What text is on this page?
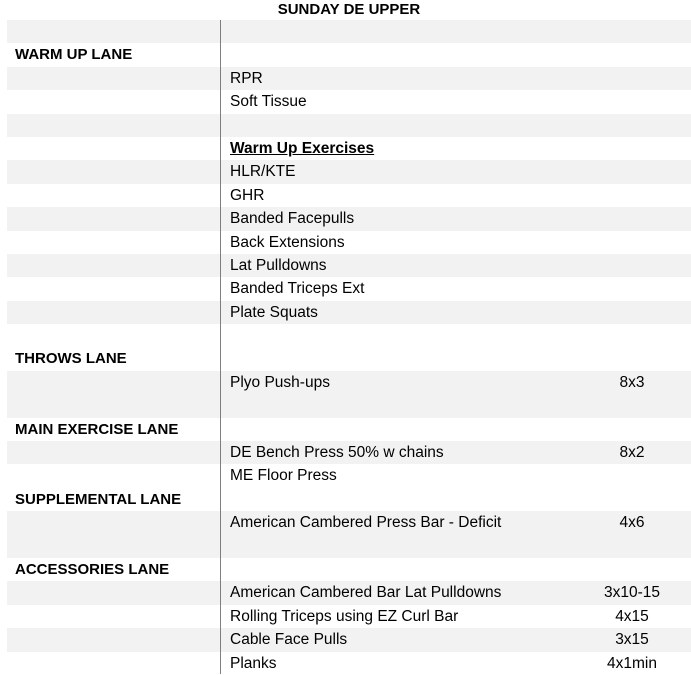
SUNDAY DE UPPER
WARM UP LANE
RPR
Soft Tissue
Warm Up Exercises
HLR/KTE
GHR
Banded Facepulls
Back Extensions
Lat Pulldowns
Banded Triceps Ext
Plate Squats
THROWS LANE
Plyo Push-ups	8x3
MAIN EXERCISE LANE
DE Bench Press 50% w chains	8x2
ME Floor Press
SUPPLEMENTAL LANE
American Cambered Press Bar - Deficit	4x6
ACCESSORIES LANE
American Cambered Bar Lat Pulldowns	3x10-15
Rolling Triceps using EZ Curl Bar	4x15
Cable Face Pulls	3x15
Planks	4x1min
